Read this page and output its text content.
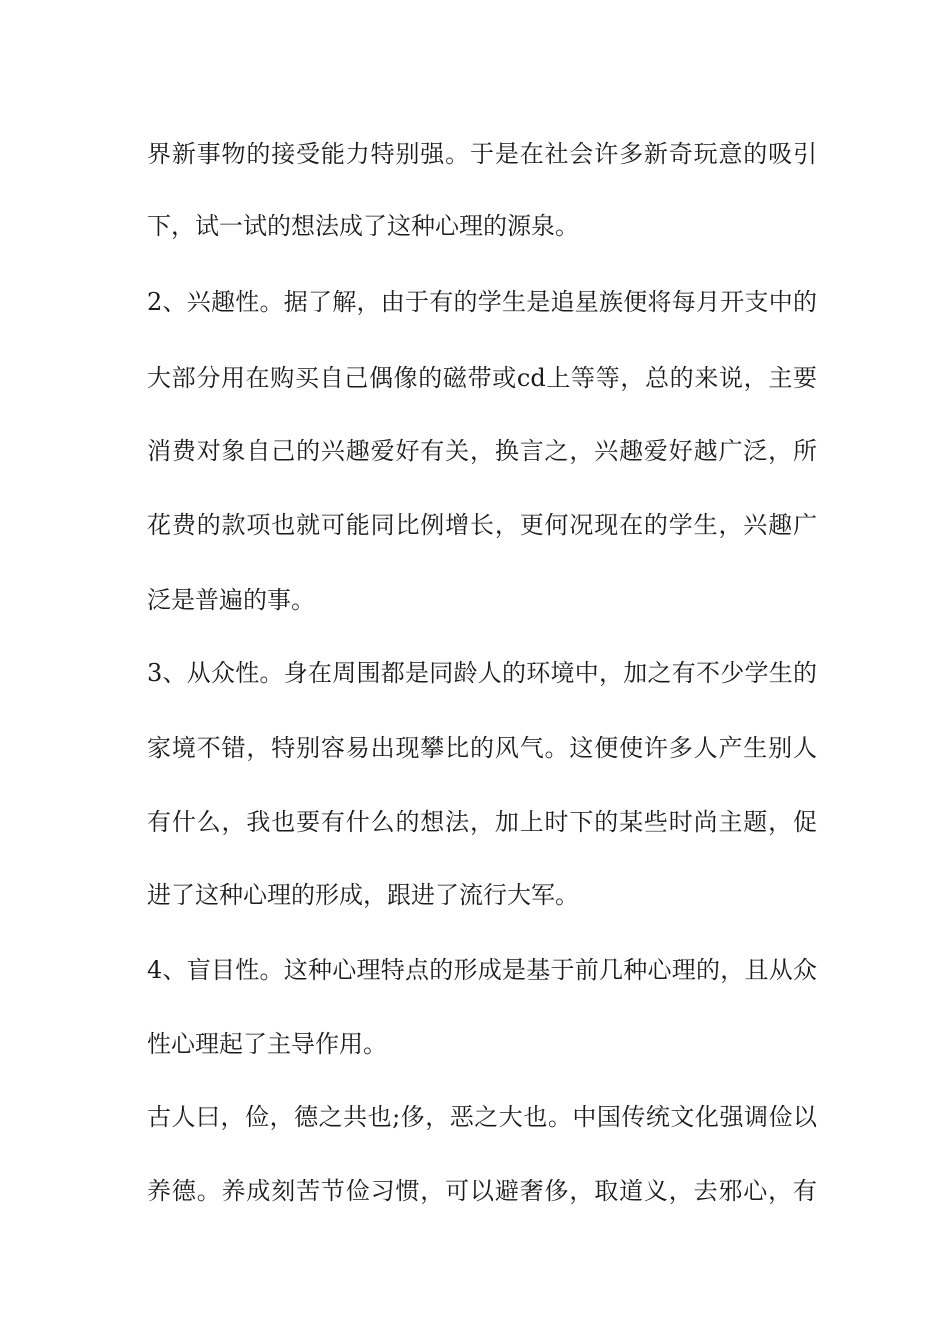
界新事物的接受能力特别强。于是在社会许多新奇玩意的吸引
下，试一试的想法成了这种心理的源泉。
2、兴趣性。据了解，由于有的学生是追星族便将每月开支中的
大部分用在购买自己偶像的磁带或cd上等等，总的来说，主要
消费对象自己的兴趣爱好有关，换言之，兴趣爱好越广泛，所
花费的款项也就可能同比例增长，更何况现在的学生，兴趣广
泛是普遍的事。
3、从众性。身在周围都是同龄人的环境中，加之有不少学生的
家境不错，特别容易出现攀比的风气。这便使许多人产生别人
有什么，我也要有什么的想法，加上时下的某些时尚主题，促
进了这种心理的形成，跟进了流行大军。
4、盲目性。这种心理特点的形成是基于前几种心理的，且从众
性心理起了主导作用。
古人曰，俭，德之共也;侈，恶之大也。中国传统文化强调俭以
养德。养成刻苦节俭习惯，可以避奢侈，取道义，去邪心，有
